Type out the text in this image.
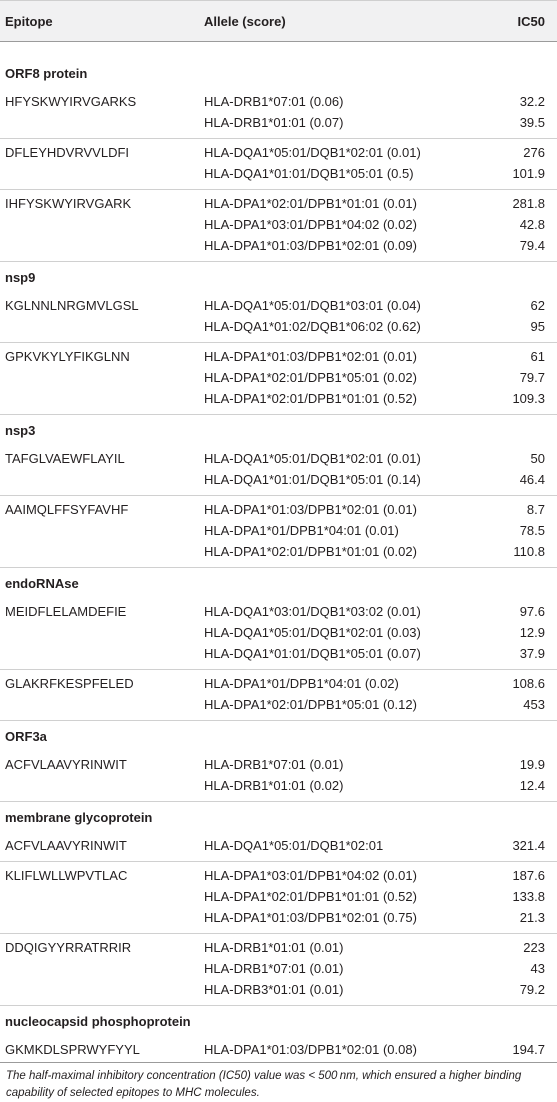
Epitope	Allele (score)	IC50
ORF8 protein
HFYSKWYIRVGARKS	HLA-DRB1*07:01 (0.06)	32.2
HLA-DRB1*01:01 (0.07)	39.5
DFLEYHDVRVVLDFI	HLA-DQA1*05:01/DQB1*02:01 (0.01)	276
HLA-DQA1*01:01/DQB1*05:01 (0.5)	101.9
IHFYSKWYIRVGARK	HLA-DPA1*02:01/DPB1*01:01 (0.01)	281.8
HLA-DPA1*03:01/DPB1*04:02 (0.02)	42.8
HLA-DPA1*01:03/DPB1*02:01 (0.09)	79.4
nsp9
KGLNNLNRGMVLGSL	HLA-DQA1*05:01/DQB1*03:01 (0.04)	62
HLA-DQA1*01:02/DQB1*06:02 (0.62)	95
GPKVKYLYFIKGLNN	HLA-DPA1*01:03/DPB1*02:01 (0.01)	61
HLA-DPA1*02:01/DPB1*05:01 (0.02)	79.7
HLA-DPA1*02:01/DPB1*01:01 (0.52)	109.3
nsp3
TAFGLVAEWFLAYIL	HLA-DQA1*05:01/DQB1*02:01 (0.01)	50
HLA-DQA1*01:01/DQB1*05:01 (0.14)	46.4
AAIMQLFFSYFAVHF	HLA-DPA1*01:03/DPB1*02:01 (0.01)	8.7
HLA-DPA1*01/DPB1*04:01 (0.01)	78.5
HLA-DPA1*02:01/DPB1*01:01 (0.02)	110.8
endoRNAse
MEIDFLELAMDEFIE	HLA-DQA1*03:01/DQB1*03:02 (0.01)	97.6
HLA-DQA1*05:01/DQB1*02:01 (0.03)	12.9
HLA-DQA1*01:01/DQB1*05:01 (0.07)	37.9
GLAKRFKESPFELED	HLA-DPA1*01/DPB1*04:01 (0.02)	108.6
HLA-DPA1*02:01/DPB1*05:01 (0.12)	453
ORF3a
ACFVLAAVYRINWIT	HLA-DRB1*07:01 (0.01)	19.9
HLA-DRB1*01:01 (0.02)	12.4
membrane glycoprotein
ACFVLAAVYRINWIT	HLA-DQA1*05:01/DQB1*02:01	321.4
KLIFLWLLWPVTLAC	HLA-DPA1*03:01/DPB1*04:02 (0.01)	187.6
HLA-DPA1*02:01/DPB1*01:01 (0.52)	133.8
HLA-DPA1*01:03/DPB1*02:01 (0.75)	21.3
DDQIGYYRRATRRIR	HLA-DRB1*01:01 (0.01)	223
HLA-DRB1*07:01 (0.01)	43
HLA-DRB3*01:01 (0.01)	79.2
nucleocapsid phosphoprotein
GKMKDLSPRWYFYYL	HLA-DPA1*01:03/DPB1*02:01 (0.08)	194.7
The half-maximal inhibitory concentration (IC50) value was < 500 nm, which ensured a higher binding capability of selected epitopes to MHC molecules.
